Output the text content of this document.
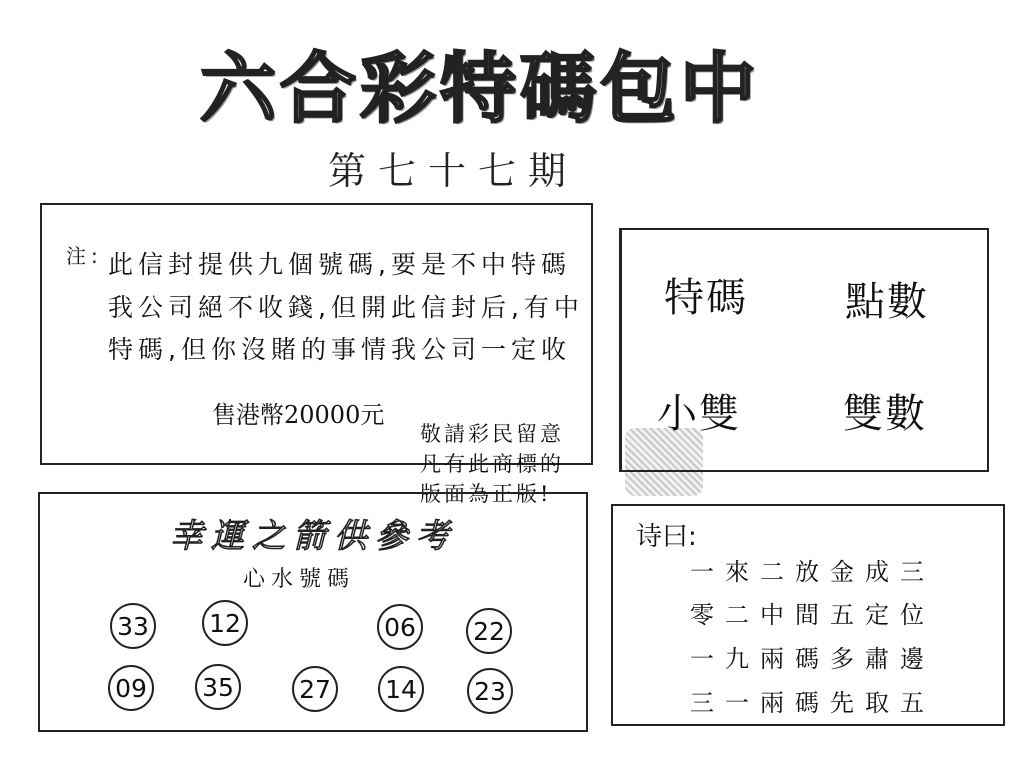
六合彩特碼包中
第七十七期
注: 此信封提供九個號碼,要是不中特碼
我公司絕不收錢,但開此信封后,有中
特碼,但你沒賭的事情我公司一定收
售港幣20000元
敬請彩民留意
凡有此商標的
版面為正版!
特碼 點數
小雙	雙數
幸運之箭供參考
心水號碼
33 12	06 22
09 35	27 14 23
诗曰:
一來二放金成三
零二中間五定位
一九兩碼多肅邊
三一兩碼先取五
